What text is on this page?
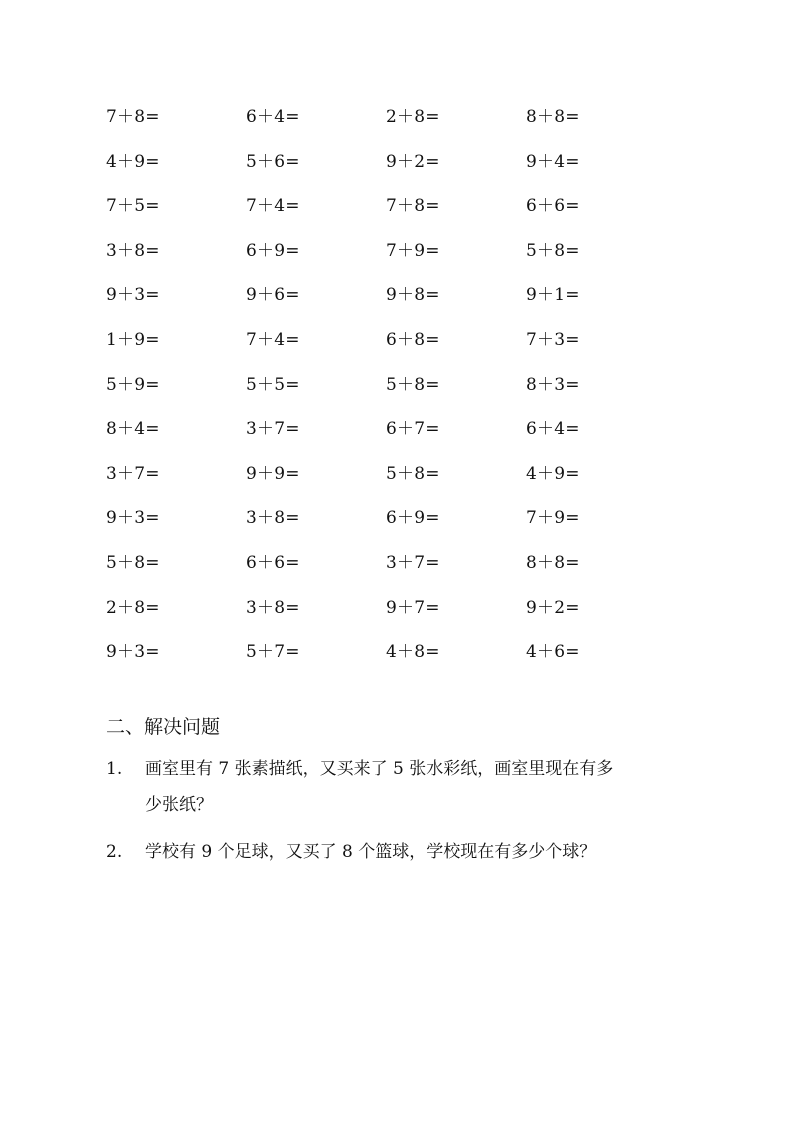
7＋8=	6＋4=	2＋8=	8＋8=
4＋9=	5＋6=	9＋2=	9＋4=
7＋5=	7＋4=	7＋8=	6＋6=
3＋8=	6＋9=	7＋9=	5＋8=
9＋3=	9＋6=	9＋8=	9＋1=
1＋9=	7＋4=	6＋8=	7＋3=
5＋9=	5＋5=	5＋8=	8＋3=
8＋4=	3＋7=	6＋7=	6＋4=
3＋7=	9＋9=	5＋8=	4＋9=
9＋3=	3＋8=	6＋9=	7＋9=
5＋8=	6＋6=	3＋7=	8＋8=
2＋8=	3＋8=	9＋7=	9＋2=
9＋3=	5＋7=	4＋8=	4＋6=
二、解决问题
1. 画室里有 7 张素描纸，又买来了 5 张水彩纸，画室里现在有多
少张纸？
2. 学校有 9 个足球，又买了 8 个篮球，学校现在有多少个球？
